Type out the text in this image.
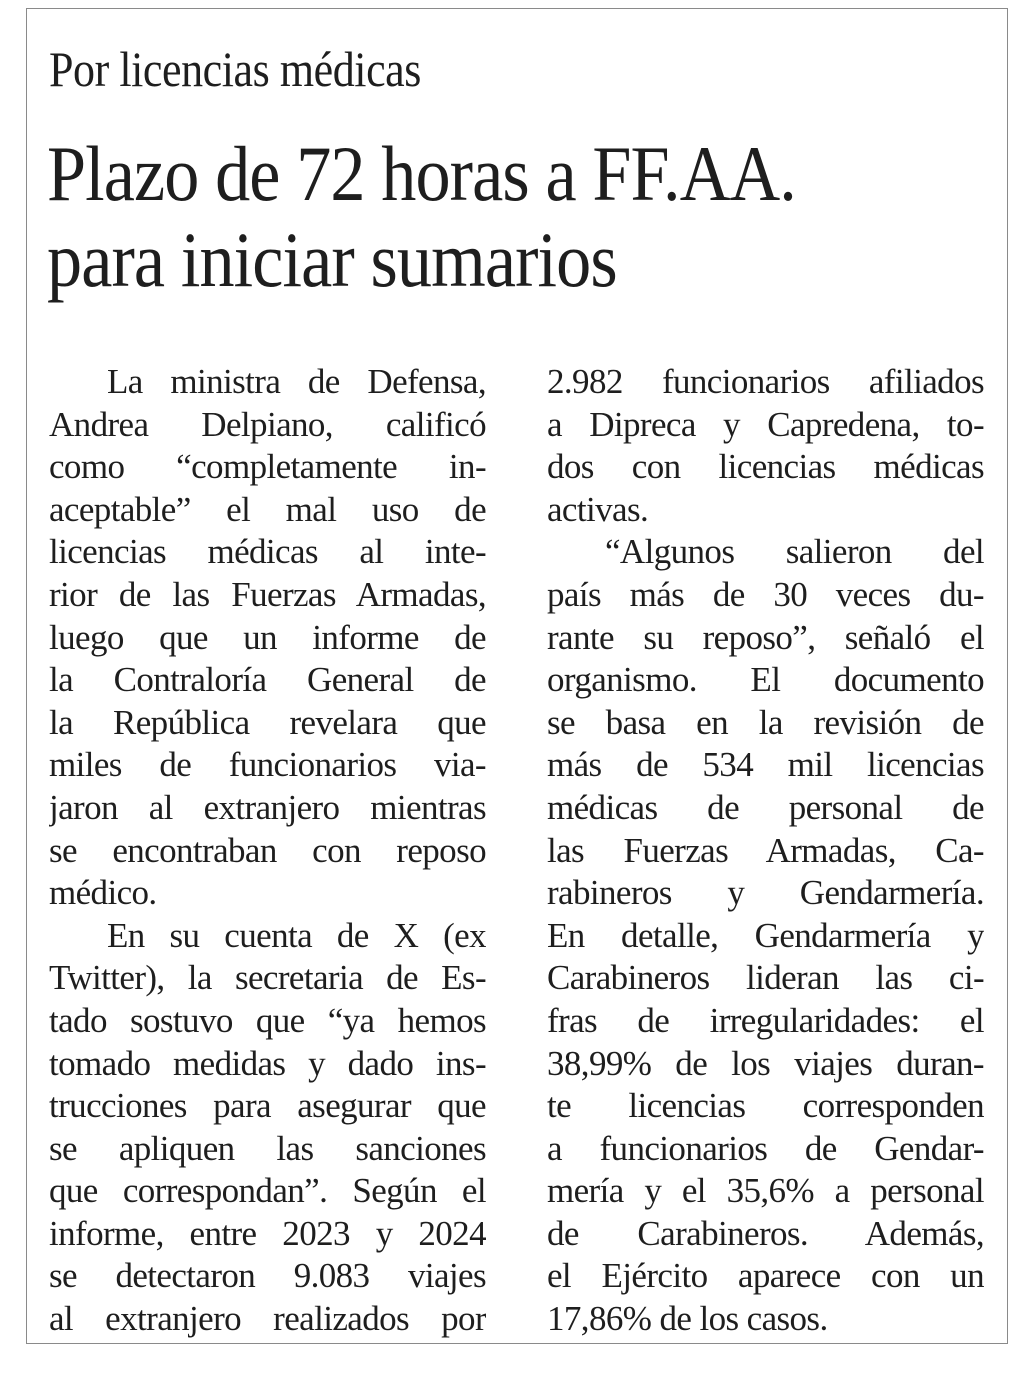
Por licencias médicas
Plazo de 72 horas a FF.AA.
para iniciar sumarios
La ministra de Defensa,
Andrea Delpiano, calificó
como “completamente in-
aceptable” el mal uso de
licencias médicas al inte-
rior de las Fuerzas Armadas,
luego que un informe de
la Contraloría General de
la República revelara que
miles de funcionarios via-
jaron al extranjero mientras
se encontraban con reposo
médico.
En su cuenta de X (ex
Twitter), la secretaria de Es-
tado sostuvo que “ya hemos
tomado medidas y dado ins-
trucciones para asegurar que
se apliquen las sanciones
que correspondan”. Según el
informe, entre 2023 y 2024
se detectaron 9.083 viajes
al extranjero realizados por
2.982 funcionarios afiliados
a Dipreca y Capredena, to-
dos con licencias médicas
activas.
“Algunos salieron del
país más de 30 veces du-
rante su reposo”, señaló el
organismo. El documento
se basa en la revisión de
más de 534 mil licencias
médicas de personal de
las Fuerzas Armadas, Ca-
rabineros y Gendarmería.
En detalle, Gendarmería y
Carabineros lideran las ci-
fras de irregularidades: el
38,99% de los viajes duran-
te licencias corresponden
a funcionarios de Gendar-
mería y el 35,6% a personal
de Carabineros. Además,
el Ejército aparece con un
17,86% de los casos.
